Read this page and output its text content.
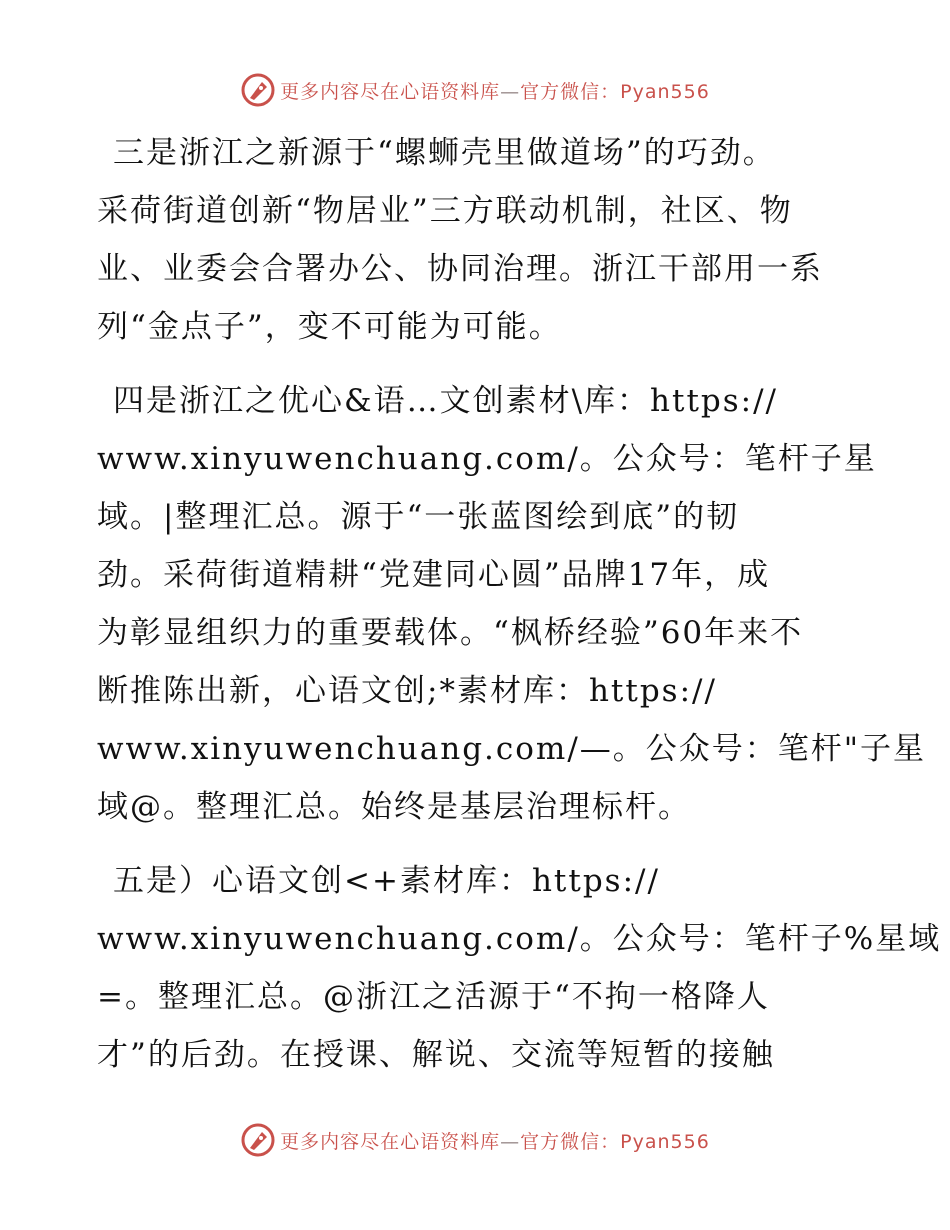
更多内容尽在心语资料库—官方微信：Pyan556
三是浙江之新源于“螺蛳壳里做道场”的巧劲。
采荷街道创新“物居业”三方联动机制，社区、物
业、业委会合署办公、协同治理。浙江干部用一系
列“金点子”，变不可能为可能。
四是浙江之优心&语…文创素材\库：https://
www.xinyuwenchuang.com/。公众号：笔杆子星
域。|整理汇总。源于“一张蓝图绘到底”的韧
劲。采荷街道精耕“党建同心圆”品牌17年，成
为彰显组织力的重要载体。“枫桥经验”60年来不
断推陈出新，心语文创;*素材库：https://
www.xinyuwenchuang.com/—。公众号：笔杆"子星
域@。整理汇总。始终是基层治理标杆。
五是）心语文创<+素材库：https://
www.xinyuwenchuang.com/。公众号：笔杆子%星域
=。整理汇总。@浙江之活源于“不拘一格降人
才”的后劲。在授课、解说、交流等短暂的接触
更多内容尽在心语资料库—官方微信：Pyan556
